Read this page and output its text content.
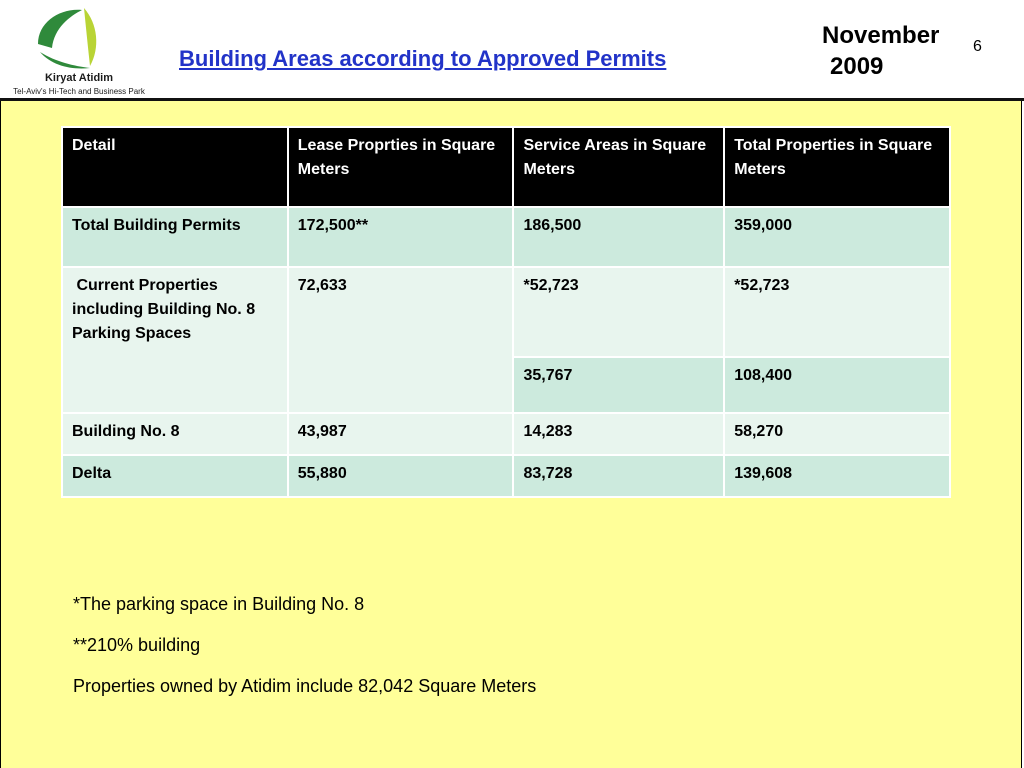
Kiryat Atidim
Tel-Aviv's Hi-Tech and Business Park
Building Areas according to Approved Permits
November
2009
6
Detail	Lease Proprties in Square Meters	Service Areas in Square Meters	Total Properties in Square Meters
Total Building Permits	172,500**	186,500	359,000
Current Properties including Building No. 8 Parking Spaces	72,633	*52,723	*52,723
		35,767	108,400
Building No. 8	43,987	14,283	58,270
Delta	55,880	83,728	139,608
*The parking space in Building No. 8
**210% building
Properties owned by Atidim include 82,042 Square Meters
